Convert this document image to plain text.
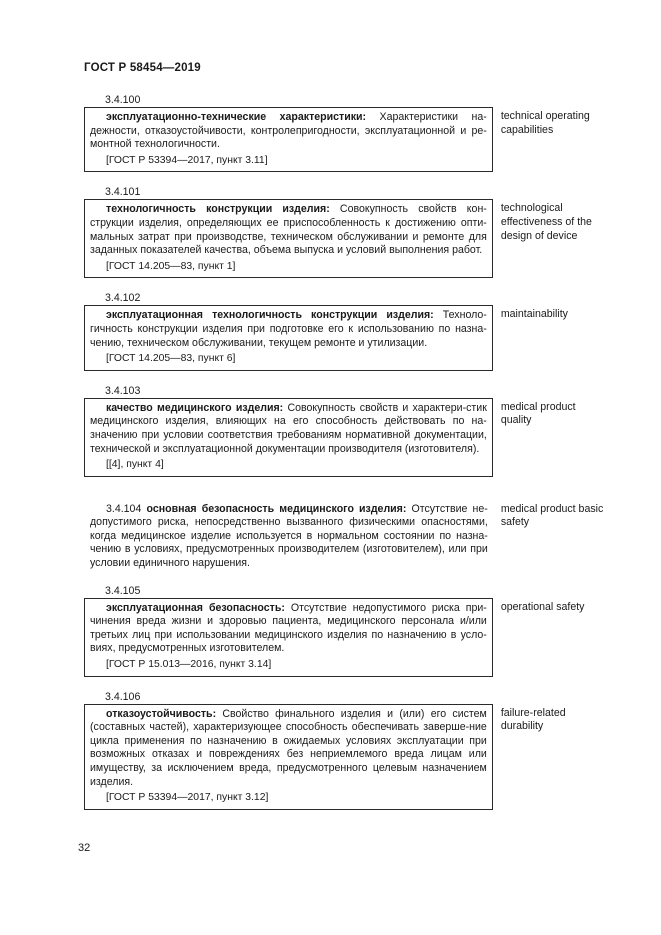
ГОСТ Р 58454—2019
3.4.100

эксплуатационно-технические характеристики: Характеристики на-дежности, отказоустойчивости, контролепригодности, эксплуатационной и ре-монтной технологичности.

[ГОСТ Р 53394—2017, пункт 3.11]
technical operating capabilities
3.4.101

технологичность конструкции изделия: Совокупность свойств кон-струкции изделия, определяющих ее приспособленность к достижению опти-мальных затрат при производстве, техническом обслуживании и ремонте для заданных показателей качества, объема выпуска и условий выполнения работ.

[ГОСТ 14.205—83, пункт 1]
technological effectiveness of the design of device
3.4.102

эксплуатационная технологичность конструкции изделия: Техноло-гичность конструкции изделия при подготовке его к использованию по назна-чению, техническом обслуживании, текущем ремонте и утилизации.

[ГОСТ 14.205—83, пункт 6]
maintainability
3.4.103

качество медицинского изделия: Совокупность свойств и характери-стик медицинского изделия, влияющих на его способность действовать по на-значению при условии соответствия требованиям нормативной документации, технической и эксплуатационной документации производителя (изготовителя).

[[4], пункт 4]
medical product quality

3.4.104 основная безопасность медицинского изделия: Отсутствие не-допустимого риска, непосредственно вызванного физическими опасностями, когда медицинское изделие используется в нормальном состоянии по назна-чению в условиях, предусмотренных производителем (изготовителем), или при условии единичного нарушения.

medical product basic safety
3.4.105

эксплуатационная безопасность: Отсутствие недопустимого риска при-чинения вреда жизни и здоровью пациента, медицинского персонала и/или третьих лиц при использовании медицинского изделия по назначению в усло-виях, предусмотренных изготовителем.

[ГОСТ Р 15.013—2016, пункт 3.14]
operational safety
3.4.106

отказоустойчивость: Свойство финального изделия и (или) его систем (составных частей), характеризующее способность обеспечивать заверше-ние цикла применения по назначению в ожидаемых условиях эксплуатации при возможных отказах и повреждениях без неприемлемого вреда лицам или имуществу, за исключением вреда, предусмотренного целевым назначением изделия.

[ГОСТ Р 53394—2017, пункт 3.12]
failure-related durability
32
